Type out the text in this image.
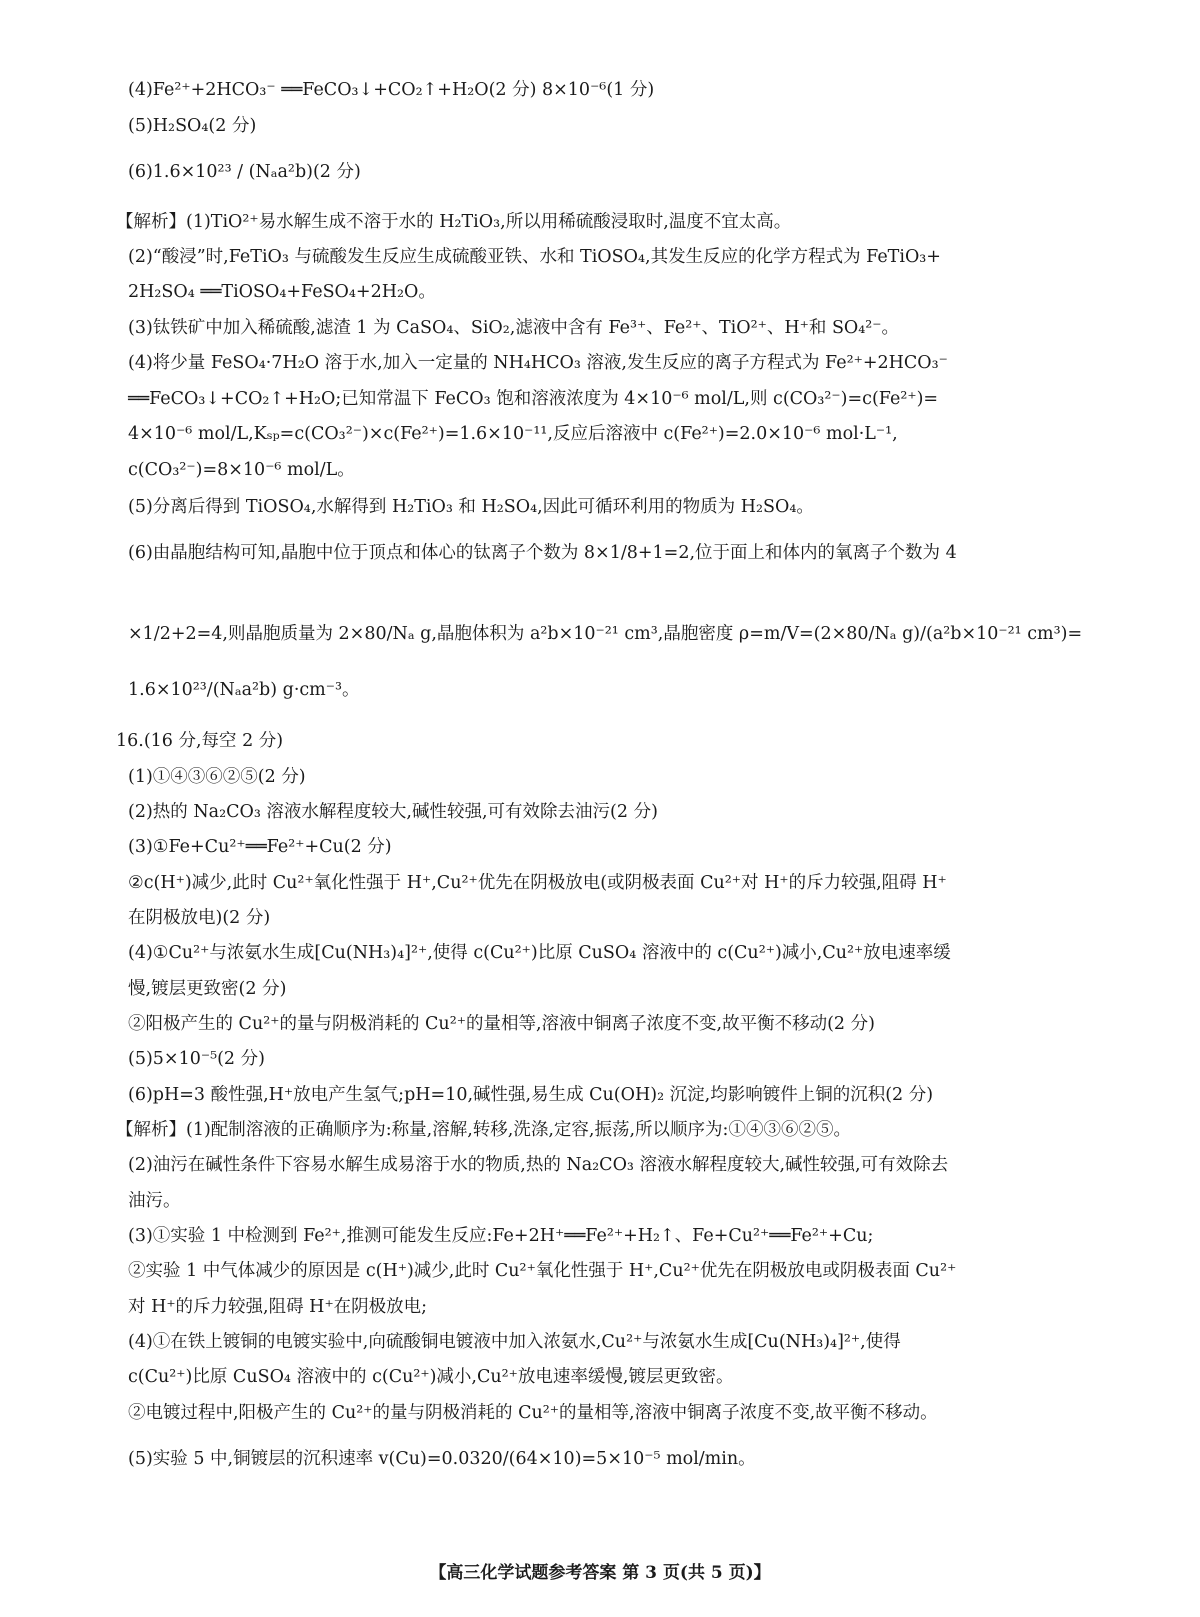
(4)Fe²⁺+2HCO₃⁻ ══FeCO₃↓+CO₂↑+H₂O(2 分) 8×10⁻⁶(1 分)
(5)H₂SO₄(2 分)
(6)1.6×10²³ / (Nₐa²b)(2 分)
【解析】(1)TiO²⁺易水解生成不溶于水的 H₂TiO₃,所以用稀硫酸浸取时,温度不宜太高。
(2)“酸浸”时,FeTiO₃ 与硫酸发生反应生成硫酸亚铁、水和 TiOSO₄,其发生反应的化学方程式为 FeTiO₃+
2H₂SO₄ ══TiOSO₄+FeSO₄+2H₂O。
(3)钛铁矿中加入稀硫酸,滤渣 1 为 CaSO₄、SiO₂,滤液中含有 Fe³⁺、Fe²⁺、TiO²⁺、H⁺和 SO₄²⁻。
(4)将少量 FeSO₄·7H₂O 溶于水,加入一定量的 NH₄HCO₃ 溶液,发生反应的离子方程式为 Fe²⁺+2HCO₃⁻
══FeCO₃↓+CO₂↑+H₂O;已知常温下 FeCO₃ 饱和溶液浓度为 4×10⁻⁶ mol/L,则 c(CO₃²⁻)=c(Fe²⁺)=
4×10⁻⁶ mol/L,Kₛₚ=c(CO₃²⁻)×c(Fe²⁺)=1.6×10⁻¹¹,反应后溶液中 c(Fe²⁺)=2.0×10⁻⁶ mol·L⁻¹,
c(CO₃²⁻)=8×10⁻⁶ mol/L。
(5)分离后得到 TiOSO₄,水解得到 H₂TiO₃ 和 H₂SO₄,因此可循环利用的物质为 H₂SO₄。
(6)由晶胞结构可知,晶胞中位于顶点和体心的钛离子个数为 8×1/8+1=2,位于面上和体内的氧离子个数为 4
×1/2+2=4,则晶胞质量为 2×80/Nₐ g,晶胞体积为 a²b×10⁻²¹ cm³,晶胞密度 ρ=m/V=(2×80/Nₐ g)/(a²b×10⁻²¹ cm³)=
1.6×10²³/(Nₐa²b) g·cm⁻³。
16.(16 分,每空 2 分)
(1)①④③⑥②⑤(2 分)
(2)热的 Na₂CO₃ 溶液水解程度较大,碱性较强,可有效除去油污(2 分)
(3)①Fe+Cu²⁺══Fe²⁺+Cu(2 分)
②c(H⁺)减少,此时 Cu²⁺氧化性强于 H⁺,Cu²⁺优先在阴极放电(或阴极表面 Cu²⁺对 H⁺的斥力较强,阻碍 H⁺
在阴极放电)(2 分)
(4)①Cu²⁺与浓氨水生成[Cu(NH₃)₄]²⁺,使得 c(Cu²⁺)比原 CuSO₄ 溶液中的 c(Cu²⁺)减小,Cu²⁺放电速率缓
慢,镀层更致密(2 分)
②阳极产生的 Cu²⁺的量与阴极消耗的 Cu²⁺的量相等,溶液中铜离子浓度不变,故平衡不移动(2 分)
(5)5×10⁻⁵(2 分)
(6)pH=3 酸性强,H⁺放电产生氢气;pH=10,碱性强,易生成 Cu(OH)₂ 沉淀,均影响镀件上铜的沉积(2 分)
【解析】(1)配制溶液的正确顺序为:称量,溶解,转移,洗涤,定容,振荡,所以顺序为:①④③⑥②⑤。
(2)油污在碱性条件下容易水解生成易溶于水的物质,热的 Na₂CO₃ 溶液水解程度较大,碱性较强,可有效除去
油污。
(3)①实验 1 中检测到 Fe²⁺,推测可能发生反应:Fe+2H⁺══Fe²⁺+H₂↑、Fe+Cu²⁺══Fe²⁺+Cu;
②实验 1 中气体减少的原因是 c(H⁺)减少,此时 Cu²⁺氧化性强于 H⁺,Cu²⁺优先在阴极放电或阴极表面 Cu²⁺
对 H⁺的斥力较强,阻碍 H⁺在阴极放电;
(4)①在铁上镀铜的电镀实验中,向硫酸铜电镀液中加入浓氨水,Cu²⁺与浓氨水生成[Cu(NH₃)₄]²⁺,使得
c(Cu²⁺)比原 CuSO₄ 溶液中的 c(Cu²⁺)减小,Cu²⁺放电速率缓慢,镀层更致密。
②电镀过程中,阳极产生的 Cu²⁺的量与阴极消耗的 Cu²⁺的量相等,溶液中铜离子浓度不变,故平衡不移动。
(5)实验 5 中,铜镀层的沉积速率 v(Cu)=0.0320/(64×10)=5×10⁻⁵ mol/min。
【高三化学试题参考答案 第 3 页(共 5 页)】
